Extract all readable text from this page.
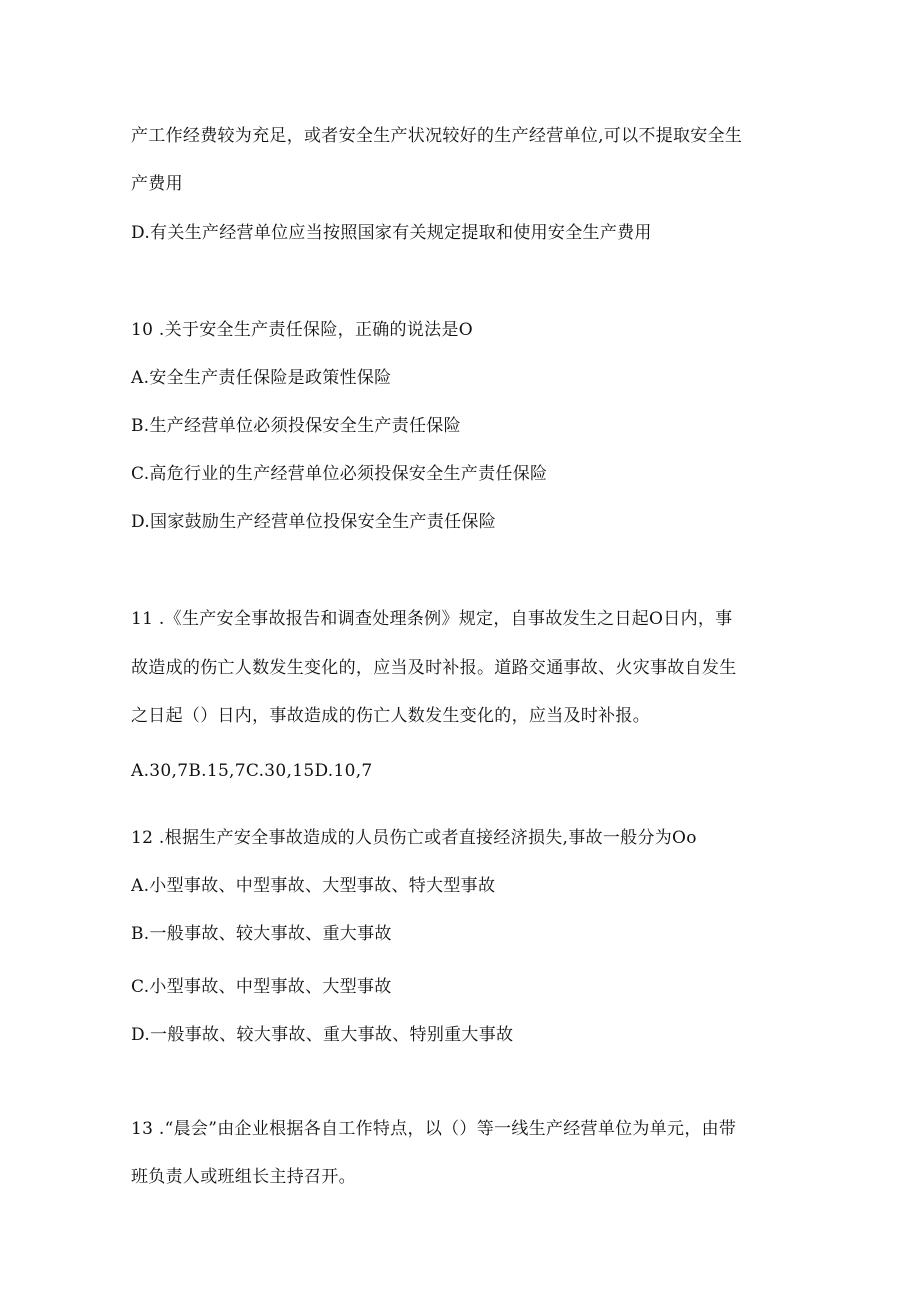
产工作经费较为充足，或者安全生产状况较好的生产经营单位,可以不提取安全生
产费用
D.有关生产经营单位应当按照国家有关规定提取和使用安全生产费用
10 .关于安全生产责任保险，正确的说法是O
A.安全生产责任保险是政策性保险
B.生产经营单位必须投保安全生产责任保险
C.高危行业的生产经营单位必须投保安全生产责任保险
D.国家鼓励生产经营单位投保安全生产责任保险
11 .《生产安全事故报告和调查处理条例》规定，自事故发生之日起O日内，事
故造成的伤亡人数发生变化的，应当及时补报。道路交通事故、火灾事故自发生
之日起（）日内，事故造成的伤亡人数发生变化的，应当及时补报。
A.30,7B.15,7C.30,15D.10,7
12 .根据生产安全事故造成的人员伤亡或者直接经济损失,事故一般分为Oo
A.小型事故、中型事故、大型事故、特大型事故
B.一般事故、较大事故、重大事故
C.小型事故、中型事故、大型事故
D.一般事故、较大事故、重大事故、特别重大事故
13 .“晨会”由企业根据各自工作特点，以（）等一线生产经营单位为单元，由带
班负责人或班组长主持召开。
